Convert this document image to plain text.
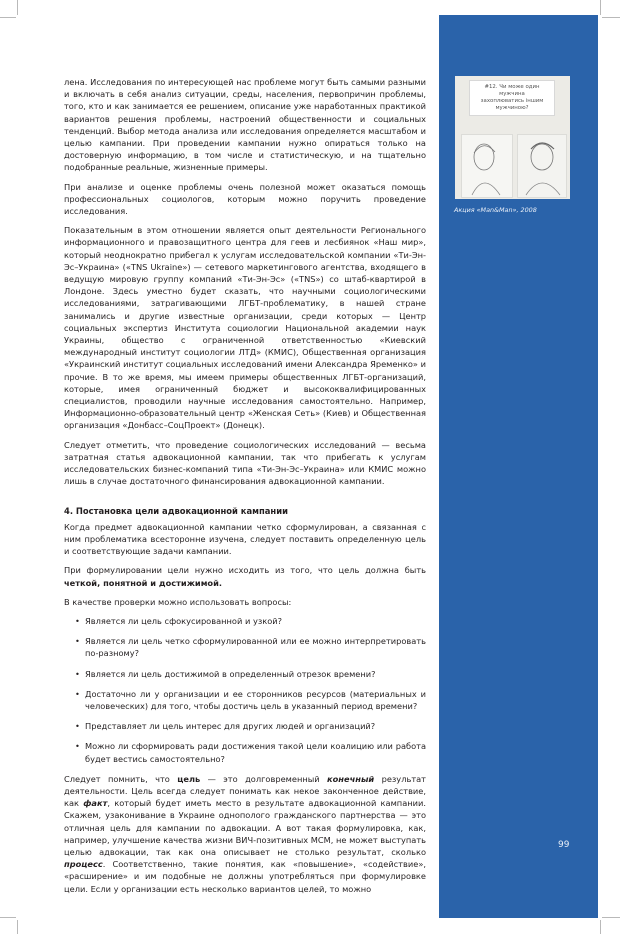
#12. Чи може один
мужчина
захоплюватись іншим
мужчиною?
Акция «Man&Man», 2008
99

лена. Исследования по интересующей нас проблеме могут быть самыми разными и включать в себя анализ ситуации, среды, населения, первопричин проблемы, того, кто и как занимается ее решением, описание уже наработанных практикой вариантов решения проблемы, настроений общественности и социальных тенденций. Выбор метода анализа или исследования определяется масштабом и целью кампании. При проведении кампании нужно опираться только на достоверную информацию, в том числе и статистическую, и на тщательно подобранные реальные, жизненные примеры.

При анализе и оценке проблемы очень полезной может оказаться помощь профессиональных социологов, которым можно поручить проведение исследования.

Показательным в этом отношении является опыт деятельности Регионального информационного и правозащитного центра для геев и лесбиянок «Наш мир», который неоднократно прибегал к услугам исследовательской компании «Ти-Эн-Эс–Украина» («TNS Ukraine») — сетевого маркетингового агентства, входящего в ведущую мировую группу компаний «Ти-Эн-Эс» («TNS») со штаб-квартирой в Лондоне. Здесь уместно будет сказать, что научными социологическими исследованиями, затрагивающими ЛГБТ-проблематику, в нашей стране занимались и другие известные организации, среди которых — Центр социальных экспертиз Института социологии Национальной академии наук Украины, общество с ограниченной ответственностью «Киевский международный институт социологии ЛТД» (КМИС), Общественная организация «Украинский институт социальных исследований имени Александра Яременко» и прочие. В то же время, мы имеем примеры общественных ЛГБТ-организаций, которые, имея ограниченный бюджет и высококвалифицированных специалистов, проводили научные исследования самостоятельно. Например, Информационно-образовательный центр «Женская Сеть» (Киев) и Общественная организация «Донбасс–СоцПроект» (Донецк).

Следует отметить, что проведение социологических исследований — весьма затратная статья адвокационной кампании, так что прибегать к услугам исследовательских бизнес-компаний типа «Ти-Эн-Эс–Украина» или КМИС можно лишь в случае достаточного финансирования адвокационной кампании.

4. Постановка цели адвокационной кампании

Когда предмет адвокационной кампании четко сформулирован, а связанная с ним проблематика всесторонне изучена, следует поставить определенную цель и соответствующие задачи кампании.

При формулировании цели нужно исходить из того, что цель должна быть четкой, понятной и достижимой.

В качестве проверки можно использовать вопросы:

• Является ли цель сфокусированной и узкой?
• Является ли цель четко сформулированной или ее можно интерпретировать по-разному?
• Является ли цель достижимой в определенный отрезок времени?
• Достаточно ли у организации и ее сторонников ресурсов (материальных и человеческих) для того, чтобы достичь цель в указанный период времени?
• Представляет ли цель интерес для других людей и организаций?
• Можно ли сформировать ради достижения такой цели коалицию или работа будет вестись самостоятельно?

Следует помнить, что цель — это долговременный конечный результат деятельности. Цель всегда следует понимать как некое законченное действие, как факт, который будет иметь место в результате адвокационной кампании. Скажем, узаконивание в Украине однополого гражданского партнерства — это отличная цель для кампании по адвокации. А вот такая формулировка, как, например, улучшение качества жизни ВИЧ-позитивных МСМ, не может выступать целью адвокации, так как она описывает не столько результат, сколько процесс. Соответственно, такие понятия, как «повышение», «содействие», «расширение» и им подобные не должны употребляться при формулировке цели. Если у организации есть несколько вариантов целей, то можно
